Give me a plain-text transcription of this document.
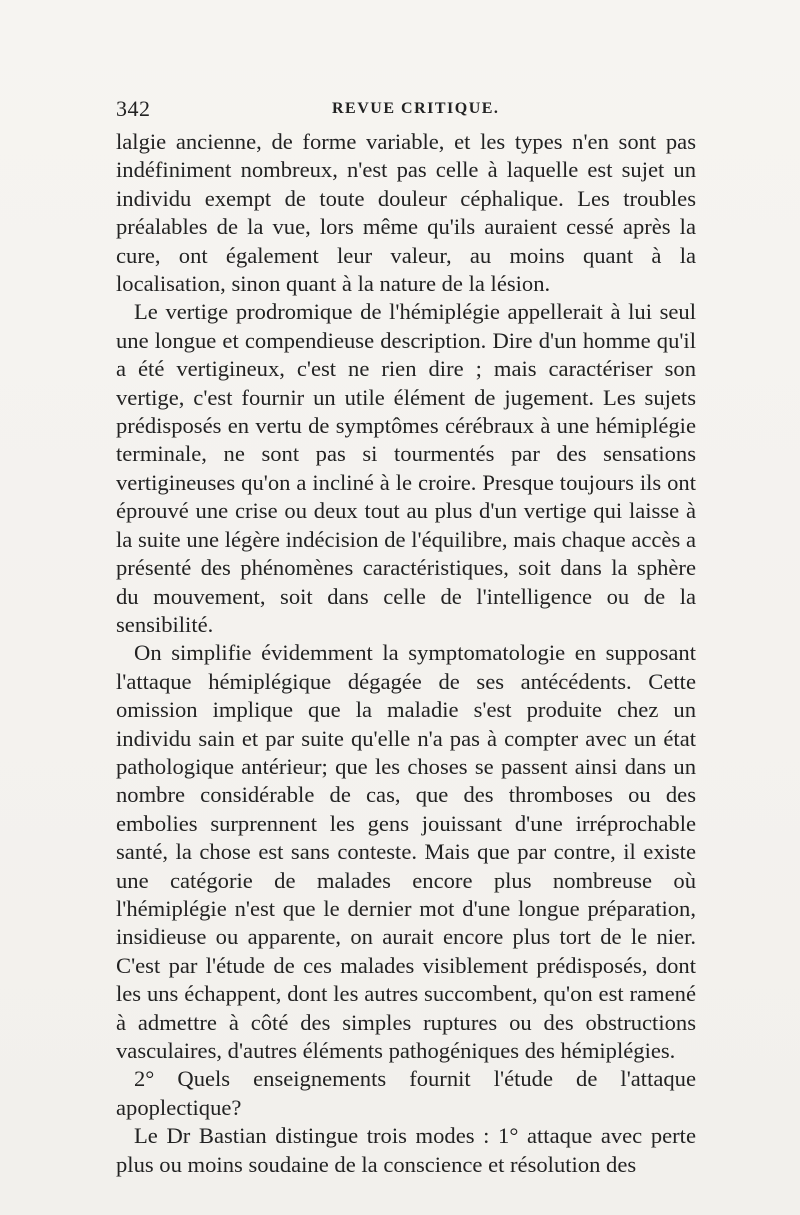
342	REVUE CRITIQUE.

lalgie ancienne, de forme variable, et les types n'en sont pas indéfiniment nombreux, n'est pas celle à laquelle est sujet un individu exempt de toute douleur céphalique. Les troubles préalables de la vue, lors même qu'ils auraient cessé après la cure, ont également leur valeur, au moins quant à la localisation, sinon quant à la nature de la lésion.

Le vertige prodromique de l'hémiplégie appellerait à lui seul une longue et compendieuse description. Dire d'un homme qu'il a été vertigineux, c'est ne rien dire ; mais caractériser son vertige, c'est fournir un utile élément de jugement. Les sujets prédisposés en vertu de symptômes cérébraux à une hémiplégie terminale, ne sont pas si tourmentés par des sensations vertigineuses qu'on a incliné à le croire. Presque toujours ils ont éprouvé une crise ou deux tout au plus d'un vertige qui laisse à la suite une légère indécision de l'équilibre, mais chaque accès a présenté des phénomènes caractéristiques, soit dans la sphère du mouvement, soit dans celle de l'intelligence ou de la sensibilité.

On simplifie évidemment la symptomatologie en supposant l'attaque hémiplégique dégagée de ses antécédents. Cette omission implique que la maladie s'est produite chez un individu sain et par suite qu'elle n'a pas à compter avec un état pathologique antérieur; que les choses se passent ainsi dans un nombre considérable de cas, que des thromboses ou des embolies surprennent les gens jouissant d'une irréprochable santé, la chose est sans conteste. Mais que par contre, il existe une catégorie de malades encore plus nombreuse où l'hémiplégie n'est que le dernier mot d'une longue préparation, insidieuse ou apparente, on aurait encore plus tort de le nier. C'est par l'étude de ces malades visiblement prédisposés, dont les uns échappent, dont les autres succombent, qu'on est ramené à admettre à côté des simples ruptures ou des obstructions vasculaires, d'autres éléments pathogéniques des hémiplégies.

2° Quels enseignements fournit l'étude de l'attaque apoplectique?

Le Dr Bastian distingue trois modes : 1° attaque avec perte plus ou moins soudaine de la conscience et résolution des
